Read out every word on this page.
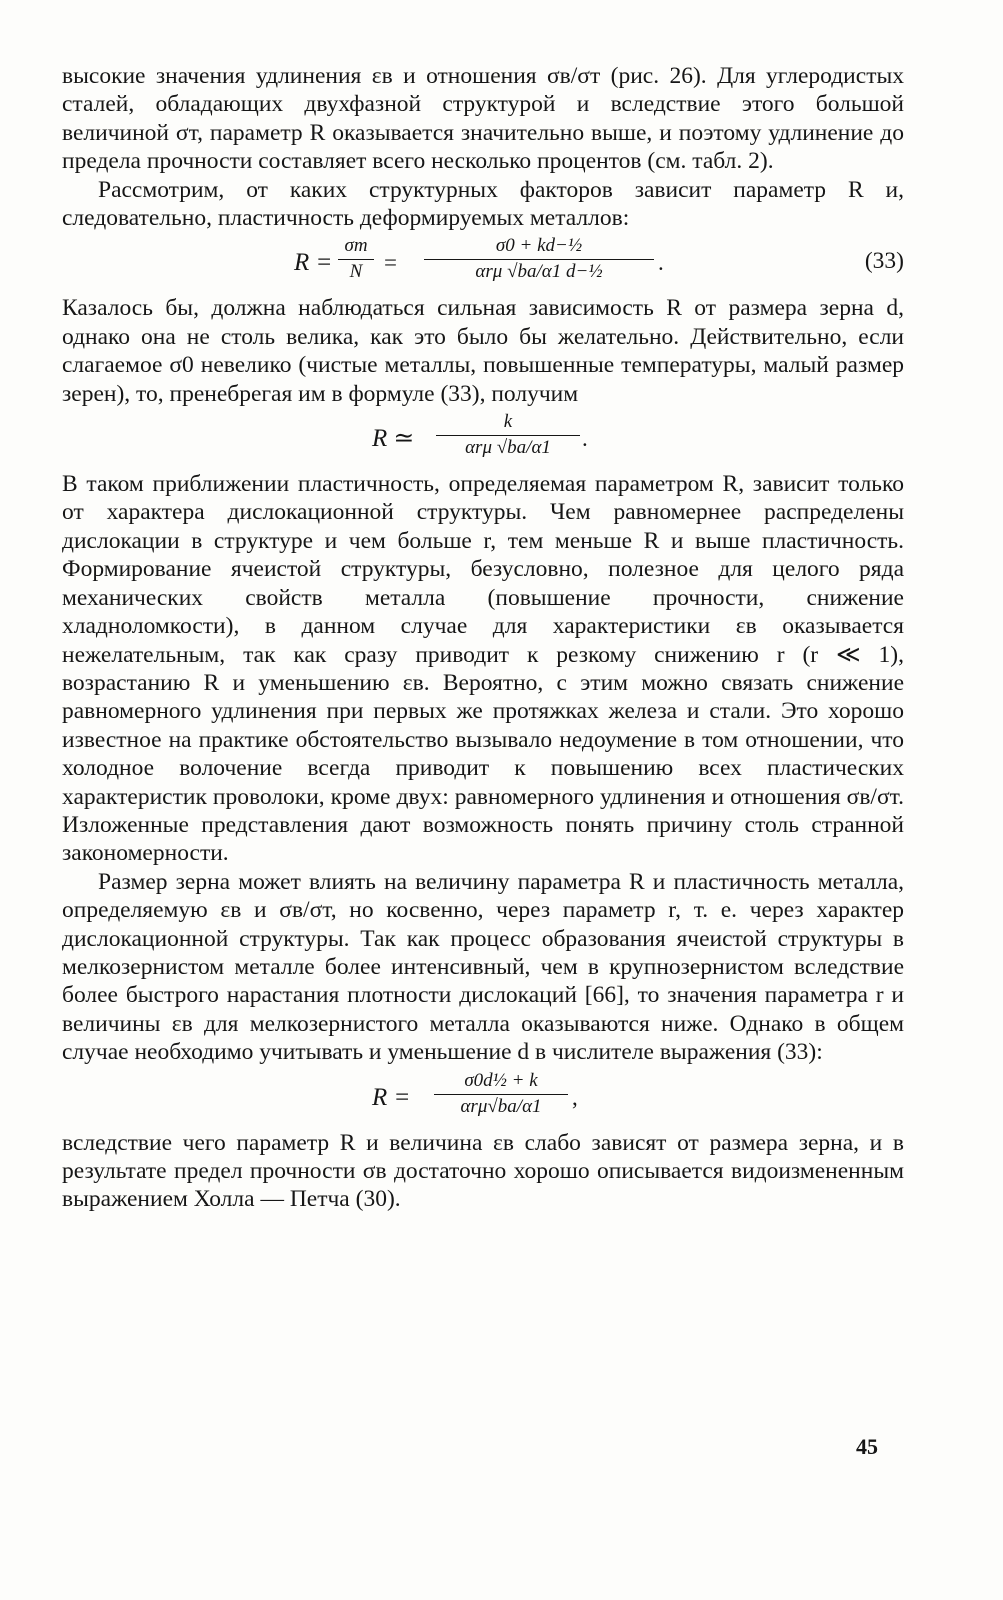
высокие значения удлинения εв и отношения σв/σт (рис. 26). Для углеродистых сталей, обладающих двухфазной структурой и вследствие этого большой величиной σт, параметр R оказывается значительно выше, и поэтому удлинение до предела прочности составляет всего несколько процентов (см. табл. 2).

Рассмотрим, от каких структурных факторов зависит параметр R и, следовательно, пластичность деформируемых металлов:

R =
σт
N =
σ0 + kd−½
αrμ √ba/α1 d−½	.	(33)

Казалось бы, должна наблюдаться сильная зависимость R от размера зерна d, однако она не столь велика, как это было бы желательно. Действительно, если слагаемое σ0 невелико (чистые металлы, повышенные температуры, малый размер зерен), то, пренебрегая им в формуле (33), получим

R ≃
k
αrμ √ba/α1	.

В таком приближении пластичность, определяемая параметром R, зависит только от характера дислокационной структуры. Чем равномернее распределены дислокации в структуре и чем больше r, тем меньше R и выше пластичность. Формирование ячеистой структуры, безусловно, полезное для целого ряда механических свойств металла (повышение прочности, снижение хладноломкости), в данном случае для характеристики εв оказывается нежелательным, так как сразу приводит к резкому снижению r (r ≪ 1), возрастанию R и уменьшению εв. Вероятно, с этим можно связать снижение равномерного удлинения при первых же протяжках железа и стали. Это хорошо известное на практике обстоятельство вызывало недоумение в том отношении, что холодное волочение всегда приводит к повышению всех пластических характеристик проволоки, кроме двух: равномерного удлинения и отношения σв/σт. Изложенные представления дают возможность понять причину столь странной закономерности.

Размер зерна может влиять на величину параметра R и пластичность металла, определяемую εв и σв/σт, но косвенно, через параметр r, т. е. через характер дислокационной структуры. Так как процесс образования ячеистой структуры в мелкозернистом металле более интенсивный, чем в крупнозернистом вследствие более быстрого нарастания плотности дислокаций [66], то значения параметра r и величины εв для мелкозернистого металла оказываются ниже. Однако в общем случае необходимо учитывать и уменьшение d в числителе выражения (33):

R =
σ0d½ + k
αrμ√ba/α1	,

вследствие чего параметр R и величина εв слабо зависят от размера зерна, и в результате предел прочности σв достаточно хорошо описывается видоизмененным выражением Холла — Петча (30).

45
